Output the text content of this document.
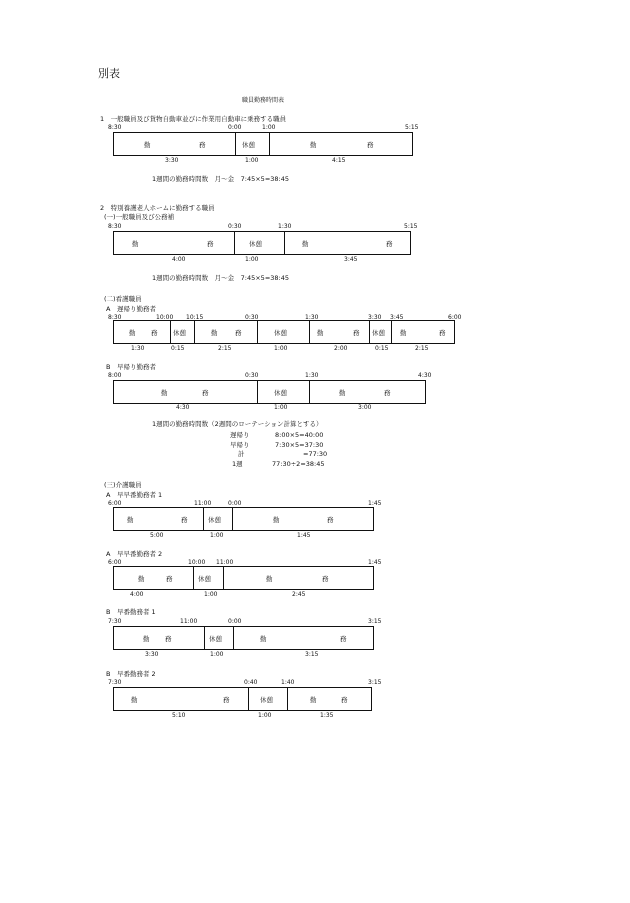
別表
職員勤務時間表
1　一般職員及び貨物自動車並びに作業用自動車に乗務する職員
8:30	0:00	1:00	5:15
勤	務	休憩	勤	務
3:30	1:00	4:15
1週間の勤務時間数　月～金　7:45×5=38:45
2　特別養護老人ホームに勤務する職員
(一)一般職員及び公務補
8:30	0:30	1:30	5:15
勤	務	休憩	勤	務
4:00	1:00	3:45
1週間の勤務時間数　月～金　7:45×5=38:45
(二)看護職員
A　遅帰り勤務者
8:30	10:00 10:15	0:30	1:30	3:30 3:45	6:00
勤 務 休憩	勤	務	休憩	勤	務 休憩 勤	務
1:30	0:15	2:15	1:00	2:00	0:15	2:15
B　早帰り勤務者
8:00	0:30	1:30	4:30
勤	務	休憩	勤	務
4:30	1:00	3:00
1週間の勤務時間数（2週間のローテーション計算とする）
遅帰り	8:00×5=40:00
早帰り	7:30×5=37:30
計	=77:30
1週	77:30÷2=38:45
(三)介護職員
A　早早番勤務者 1
6:00	11:00	0:00	1:45
勤	務	休憩	勤	務
5:00	1:00	1:45
A　早早番勤務者 2
6:00	10:00 11:00	1:45
勤	務	休憩	勤	務
4:00	1:00	2:45
B　早番勤務者 1
7:30	11:00	0:00	3:15
勤 務	休憩	勤	務
3:30	1:00	3:15
B　早番勤務者 2
7:30	0:40	1:40	3:15
勤	務	休憩	勤	務
5:10	1:00	1:35
